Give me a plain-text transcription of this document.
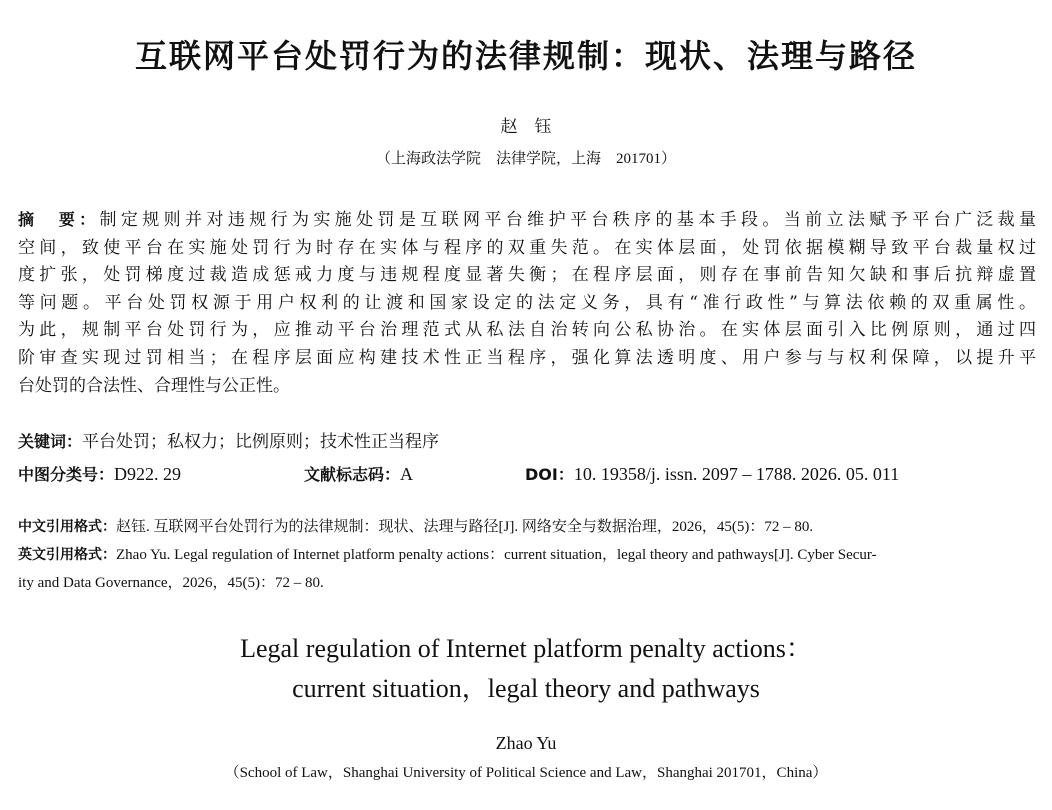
互联网平台处罚行为的法律规制：现状、法理与路径
赵　钰
（上海政法学院　法律学院，上海　201701）
摘　要：制定规则并对违规行为实施处罚是互联网平台维护平台秩序的基本手段。当前立法赋予平台广泛裁量
空间，致使平台在实施处罚行为时存在实体与程序的双重失范。在实体层面，处罚依据模糊导致平台裁量权过
度扩张，处罚梯度过裁造成惩戒力度与违规程度显著失衡；在程序层面，则存在事前告知欠缺和事后抗辩虚置
等问题。平台处罚权源于用户权利的让渡和国家设定的法定义务，具有“准行政性”与算法依赖的双重属性。
为此，规制平台处罚行为，应推动平台治理范式从私法自治转向公私协治。在实体层面引入比例原则，通过四
阶审查实现过罚相当；在程序层面应构建技术性正当程序，强化算法透明度、用户参与与权利保障，以提升平
台处罚的合法性、合理性与公正性。
关键词：平台处罚；私权力；比例原则；技术性正当程序
中图分类号：D922. 29	文献标志码：A	DOI：10. 19358/j. issn. 2097 – 1788. 2026. 05. 011
中文引用格式：赵钰. 互联网平台处罚行为的法律规制：现状、法理与路径[J]. 网络安全与数据治理，2026，45(5)：72 – 80.
英文引用格式：Zhao Yu. Legal regulation of Internet platform penalty actions：current situation，legal theory and pathways[J]. Cyber Secur-
ity and Data Governance，2026，45(5)：72 – 80.
Legal regulation of Internet platform penalty actions：
current situation，legal theory and pathways
Zhao Yu
（School of Law，Shanghai University of Political Science and Law，Shanghai 201701，China）
